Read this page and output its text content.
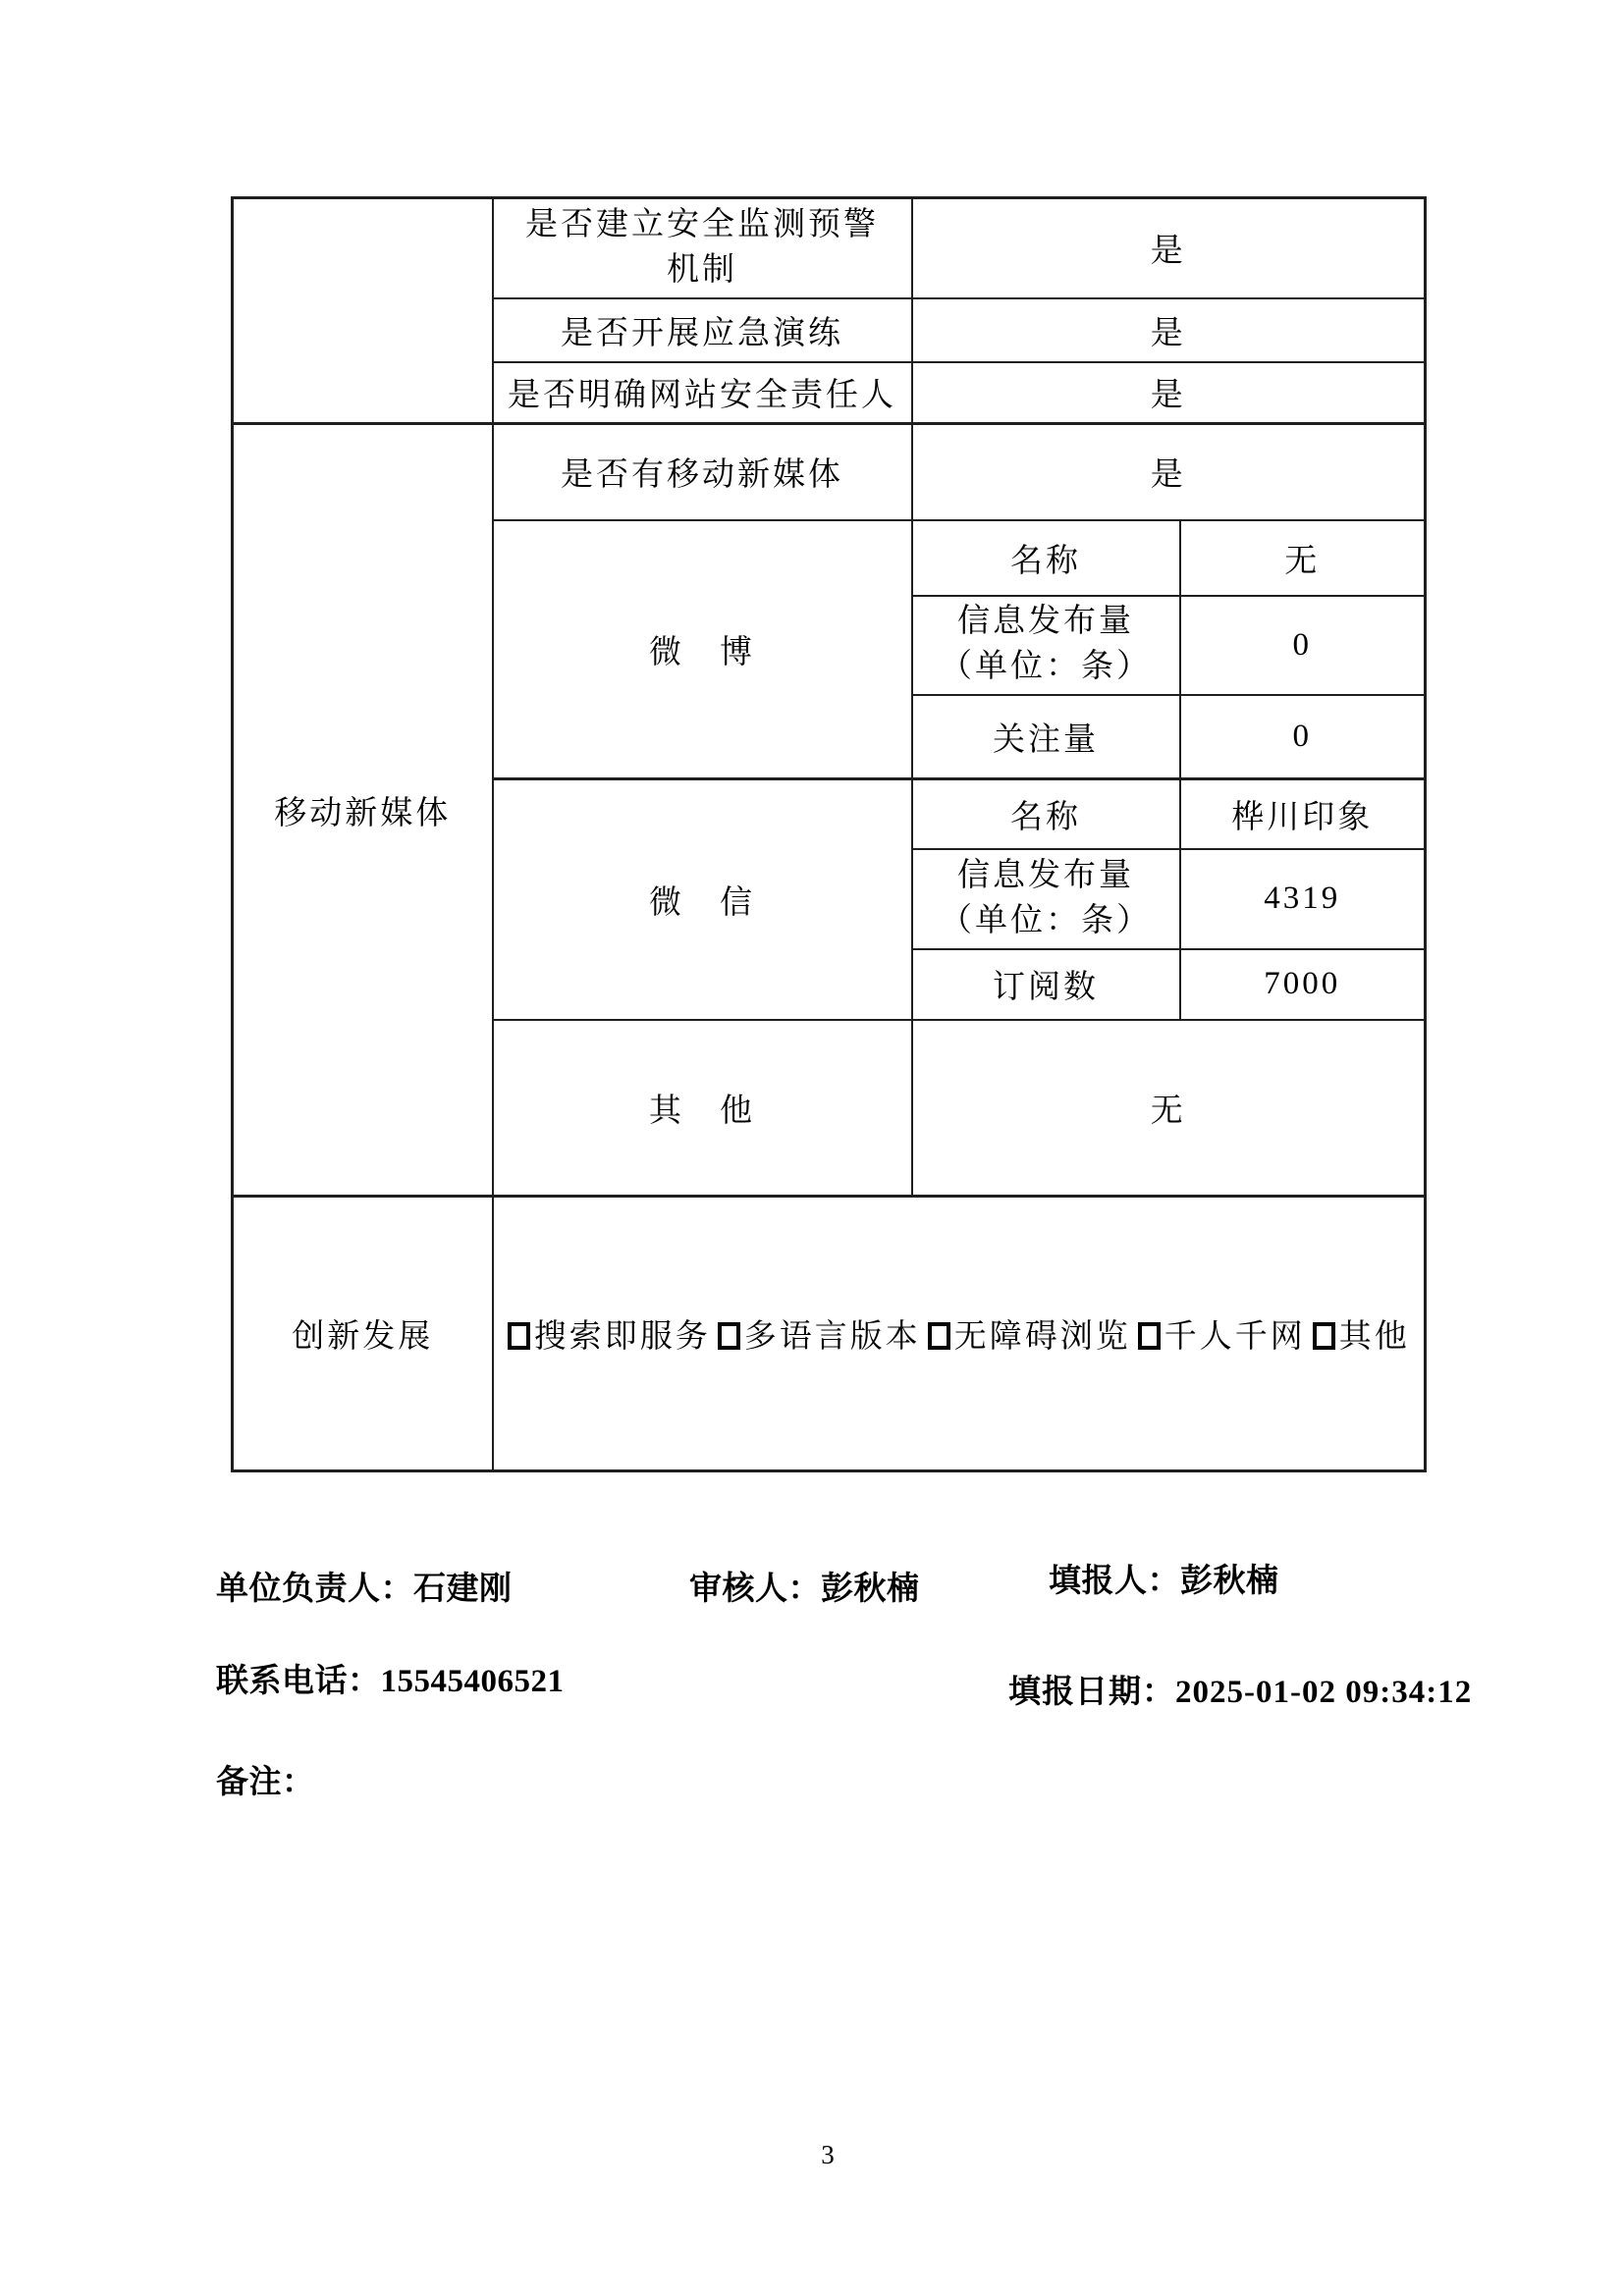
	是否建立安全监测预警
机制	是	
	是否开展应急演练	是	
	是否明确网站安全责任人	是	
移动新媒体	是否有移动新媒体	是	
	微　博	名称	无

		信息发布量
（单位：条）	0
		关注量	0
	微　信	名称	桦川印象

		信息发布量
（单位：条）	4319
		订阅数	7000
	其　他	无	
创新发展	搜索即服务 多语言版本 无障碍浏览 千人千网 其他		
单位负责人：石建刚	审核人：彭秋楠	填报人：彭秋楠
联系电话：15545406521	填报日期：2025-01-02 09:34:12
备注：
3
